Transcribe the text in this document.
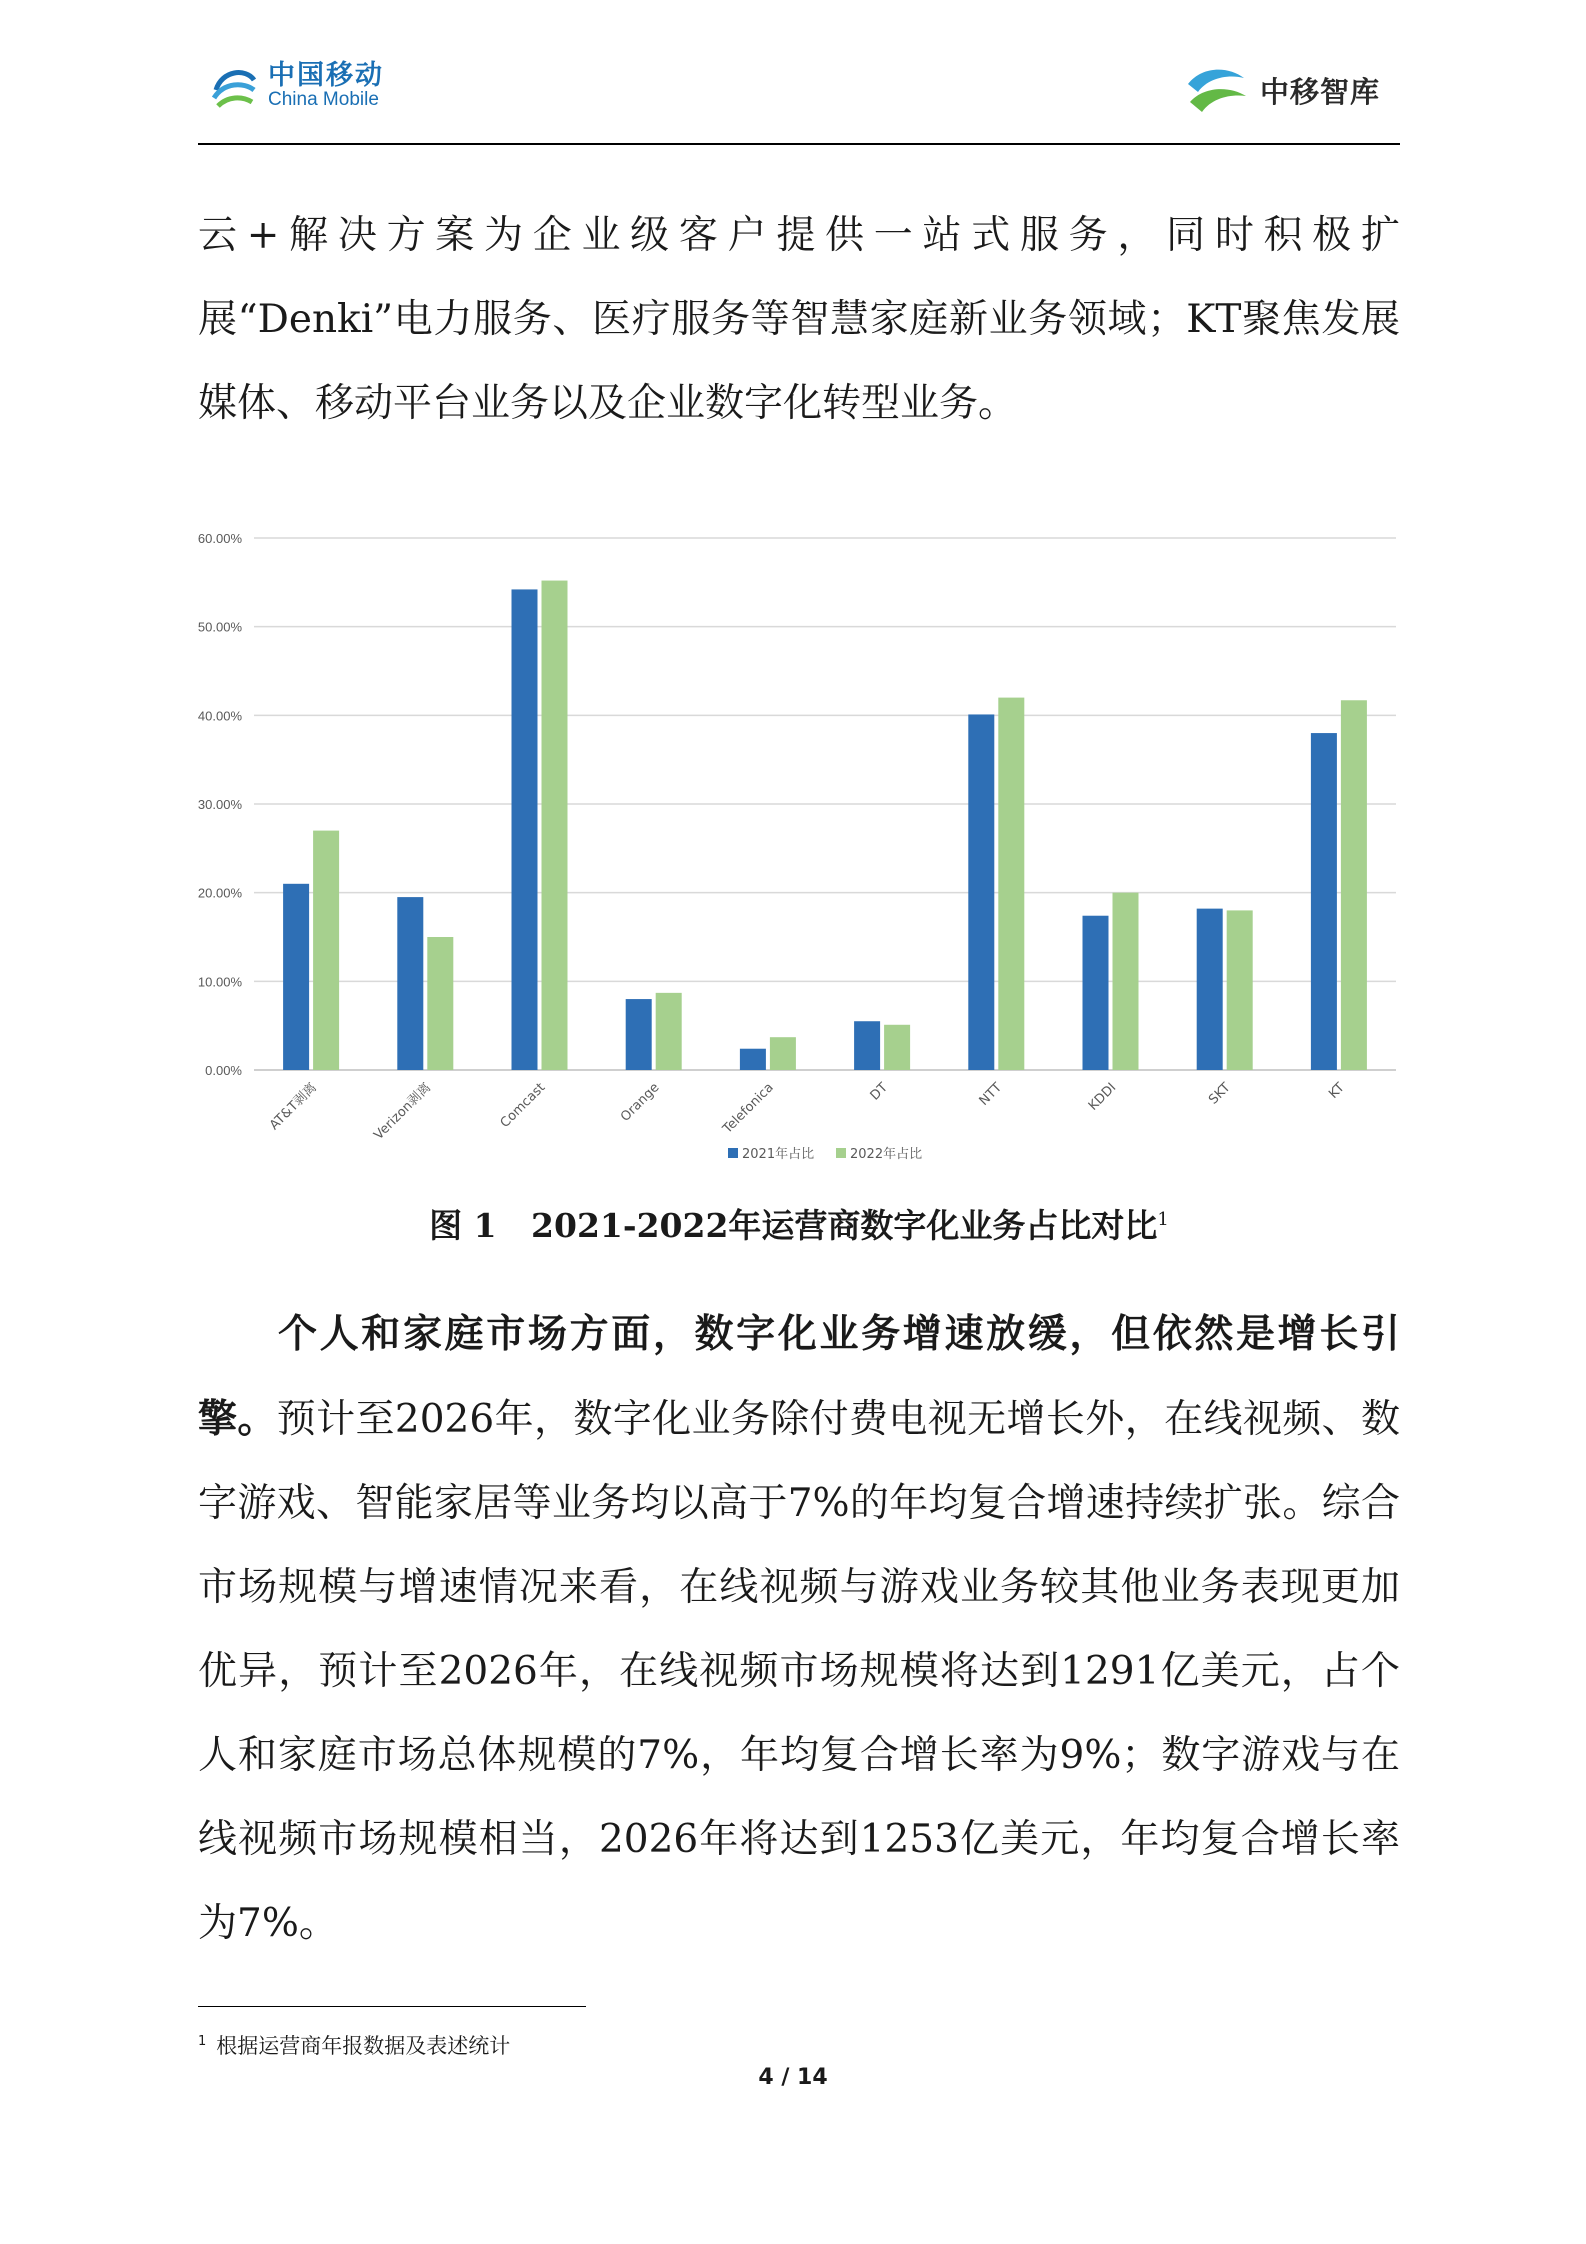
中国移动
China Mobile	中移智库

云+解决方案为企业级客户提供一站式服务，同时积极扩展“Denki”电力服务、医疗服务等智慧家庭新业务领域；KT聚焦发展媒体、移动平台业务以及企业数字化转型业务。

0.00%
10.00%
20.00%
30.00%
40.00%
50.00%
60.00%
AT&T剥离	Verizon剥离	Comcast	Orange	Telefonica	DT	NTT	KDDI	SKT	KT
2021年占比	2022年占比
图 1 2021-2022年运营商数字化业务占比对比$^1$

个人和家庭市场方面，数字化业务增速放缓，但依然是增长引擎。预计至2026年，数字化业务除付费电视无增长外，在线视频、数字游戏、智能家居等业务均以高于7%的年均复合增速持续扩张。综合市场规模与增速情况来看，在线视频与游戏业务较其他业务表现更加优异，预计至2026年，在线视频市场规模将达到1291亿美元，占个人和家庭市场总体规模的7%，年均复合增长率为9%；数字游戏与在线视频市场规模相当，2026年将达到1253亿美元，年均复合增长率为7%。

$^1$ 根据运营商年报数据及表述统计
4 / 14
